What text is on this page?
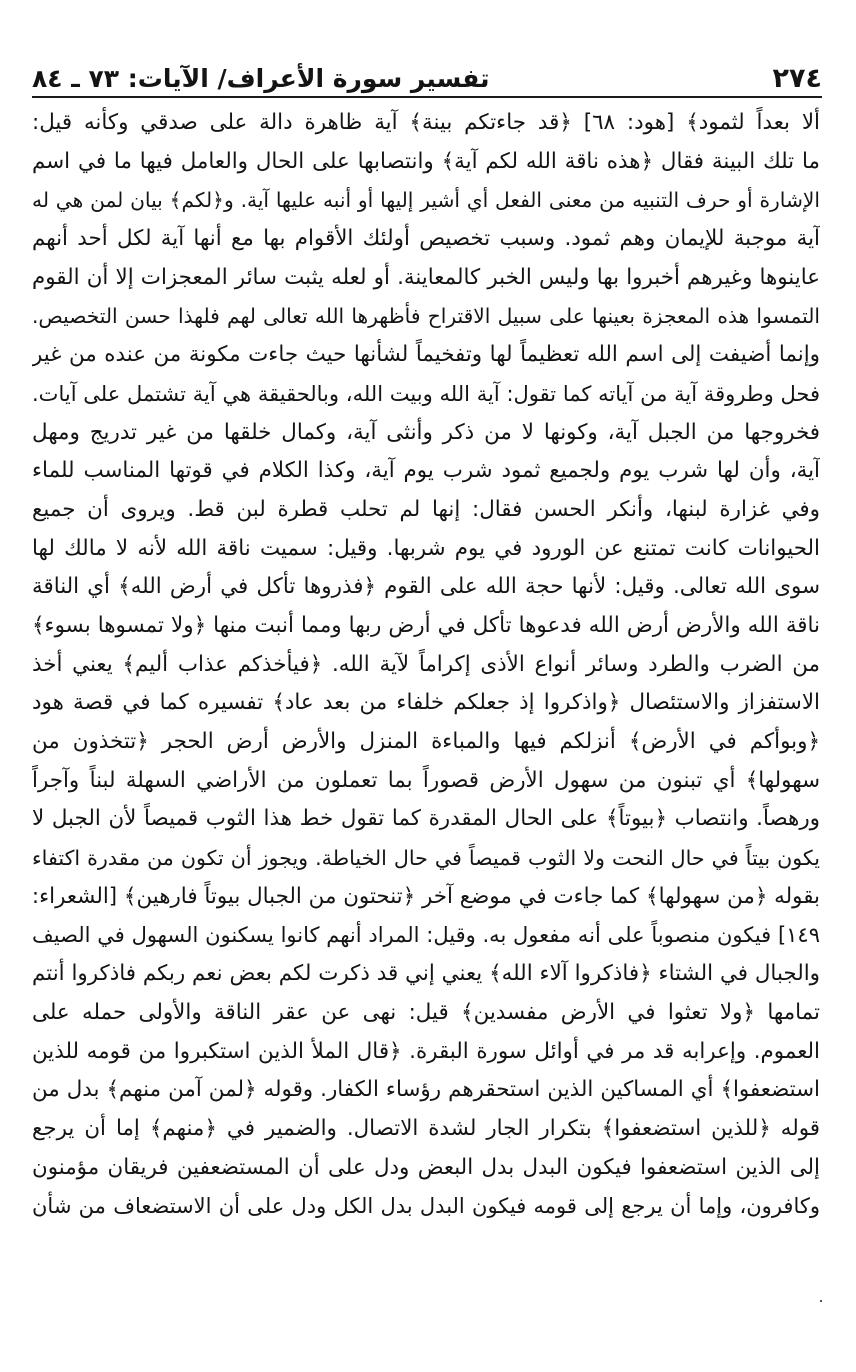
٢٧٤
تفسير سورة الأعراف/ الآيات: ٧٣ ـ ٨٤
ألا بعداً لثمود﴾ [هود: ٦٨] ﴿قد جاءتكم بينة﴾ آية ظاهرة دالة على صدقي وكأنه قيل:
ما تلك البينة فقال ﴿هذه ناقة الله لكم آية﴾ وانتصابها على الحال والعامل فيها ما في اسم
الإشارة أو حرف التنبيه من معنى الفعل أي أشير إليها أو أنبه عليها آية. و﴿لكم﴾ بيان لمن هي له
آية موجبة للإيمان وهم ثمود. وسبب تخصيص أولئك الأقوام بها مع أنها آية لكل أحد أنهم
عاينوها وغيرهم أخبروا بها وليس الخبر كالمعاينة. أو لعله يثبت سائر المعجزات إلا أن القوم
التمسوا هذه المعجزة بعينها على سبيل الاقتراح فأظهرها الله تعالى لهم فلهذا حسن التخصيص.
وإنما أضيفت إلى اسم الله تعظيماً لها وتفخيماً لشأنها حيث جاءت مكونة من عنده من غير
فحل وطروقة آية من آياته كما تقول: آية الله وبيت الله، وبالحقيقة هي آية تشتمل على آيات.
فخروجها من الجبل آية، وكونها لا من ذكر وأنثى آية، وكمال خلقها من غير تدريج ومهل
آية، وأن لها شرب يوم ولجميع ثمود شرب يوم آية، وكذا الكلام في قوتها المناسب للماء
وفي غزارة لبنها، وأنكر الحسن فقال: إنها لم تحلب قطرة لبن قط. ويروى أن جميع
الحيوانات كانت تمتنع عن الورود في يوم شربها. وقيل: سميت ناقة الله لأنه لا مالك لها
سوى الله تعالى. وقيل: لأنها حجة الله على القوم ﴿فذروها تأكل في أرض الله﴾ أي الناقة
ناقة الله والأرض أرض الله فدعوها تأكل في أرض ربها ومما أنبت منها ﴿ولا تمسوها بسوء﴾
من الضرب والطرد وسائر أنواع الأذى إكراماً لآية الله. ﴿فيأخذكم عذاب أليم﴾ يعني أخذ
الاستفزاز والاستئصال ﴿واذكروا إذ جعلكم خلفاء من بعد عاد﴾ تفسيره كما في قصة هود
﴿وبوأكم في الأرض﴾ أنزلكم فيها والمباءة المنزل والأرض أرض الحجر ﴿تتخذون من
سهولها﴾ أي تبنون من سهول الأرض قصوراً بما تعملون من الأراضي السهلة لبناً وآجراً
ورهصاً. وانتصاب ﴿بيوتاً﴾ على الحال المقدرة كما تقول خط هذا الثوب قميصاً لأن الجبل لا
يكون بيتاً في حال النحت ولا الثوب قميصاً في حال الخياطة. ويجوز أن تكون من مقدرة اكتفاء
بقوله ﴿من سهولها﴾ كما جاءت في موضع آخر ﴿تنحتون من الجبال بيوتاً فارهين﴾ [الشعراء:
١٤٩] فيكون منصوباً على أنه مفعول به. وقيل: المراد أنهم كانوا يسكنون السهول في الصيف
والجبال في الشتاء ﴿فاذكروا آلاء الله﴾ يعني إني قد ذكرت لكم بعض نعم ربكم فاذكروا أنتم
تمامها ﴿ولا تعثوا في الأرض مفسدين﴾ قيل: نهى عن عقر الناقة والأولى حمله على
العموم. وإعرابه قد مر في أوائل سورة البقرة. ﴿قال الملأ الذين استكبروا من قومه للذين
استضعفوا﴾ أي المساكين الذين استحقرهم رؤساء الكفار. وقوله ﴿لمن آمن منهم﴾ بدل من
قوله ﴿للذين استضعفوا﴾ بتكرار الجار لشدة الاتصال. والضمير في ﴿منهم﴾ إما أن يرجع
إلى الذين استضعفوا فيكون البدل بدل البعض ودل على أن المستضعفين فريقان مؤمنون
وكافرون، وإما أن يرجع إلى قومه فيكون البدل بدل الكل ودل على أن الاستضعاف من شأن
